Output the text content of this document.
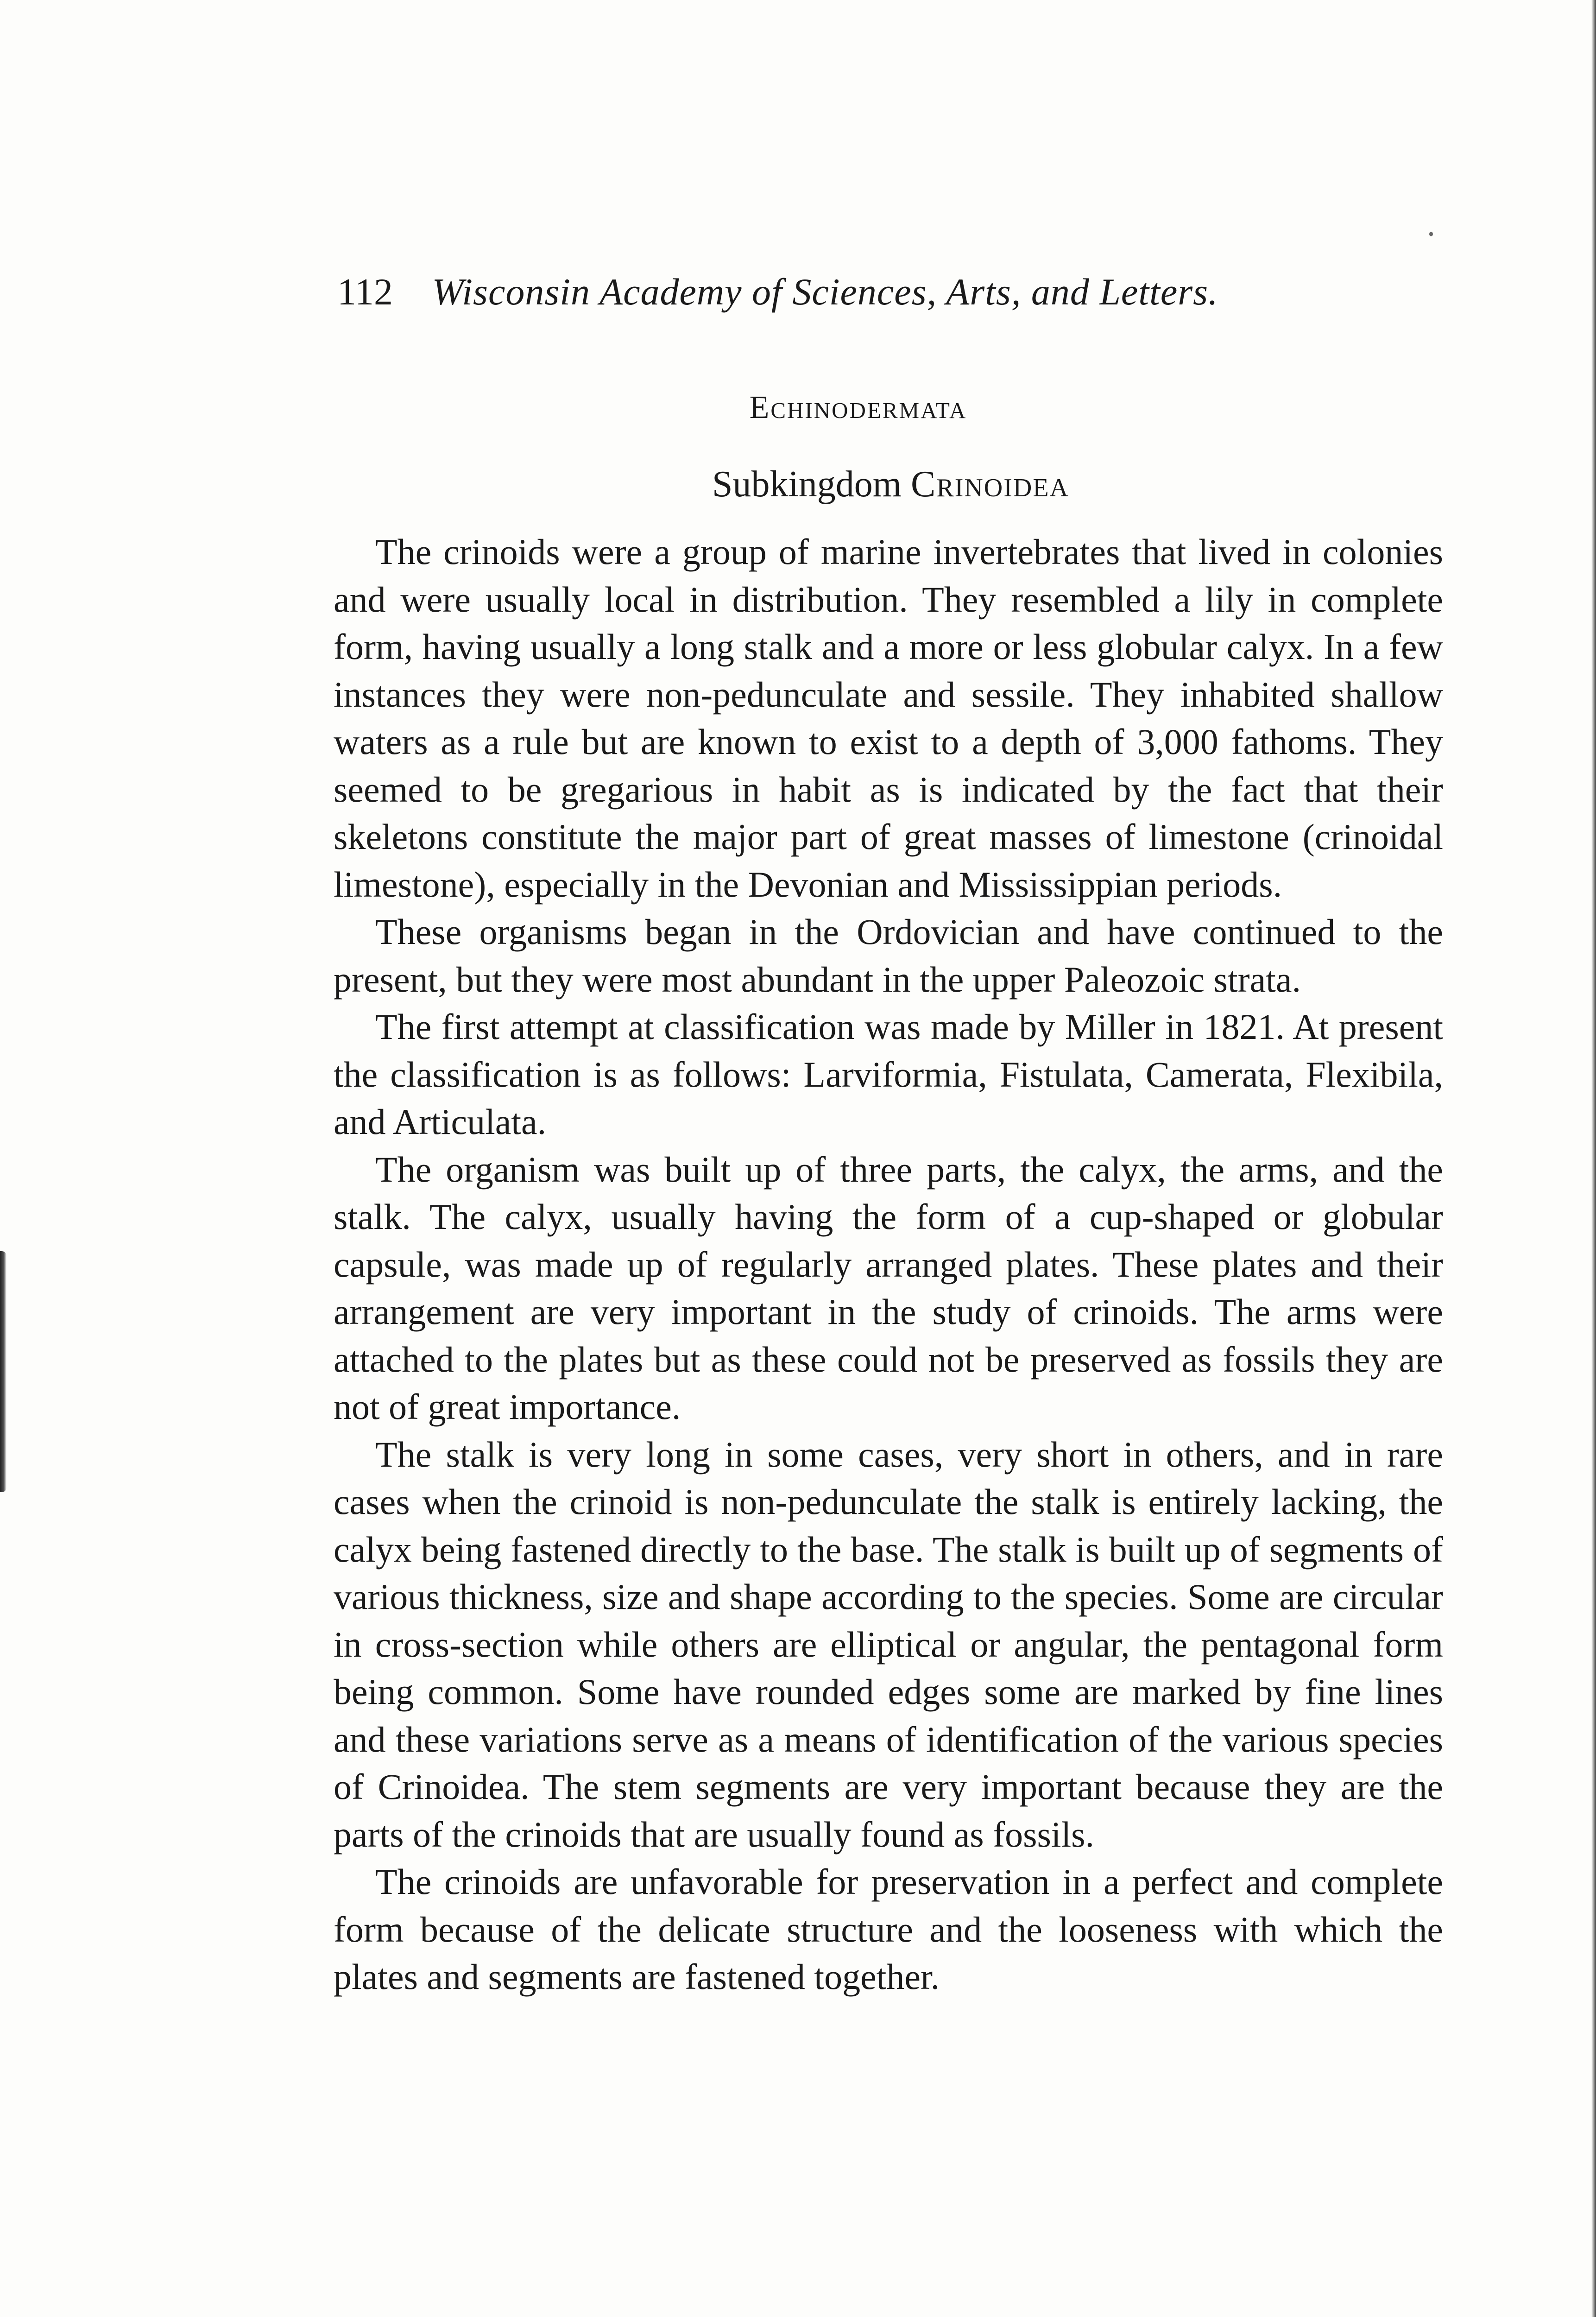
112 Wisconsin Academy of Sciences, Arts, and Letters.
Echinodermata
Subkingdom Crinoidea

The crinoids were a group of marine invertebrates that lived in colonies and were usually local in distribution. They resembled a lily in complete form, having usually a long stalk and a more or less globular calyx. In a few instances they were non-pedunculate and sessile. They inhabited shallow waters as a rule but are known to exist to a depth of 3,000 fathoms. They seemed to be gregarious in habit as is indicated by the fact that their skeletons constitute the major part of great masses of limestone (crinoidal limestone), especially in the Devonian and Mississippian periods.

These organisms began in the Ordovician and have continued to the present, but they were most abundant in the upper Paleozoic strata.

The first attempt at classification was made by Miller in 1821. At present the classification is as follows: Larviformia, Fistulata, Camerata, Flexibila, and Articulata.

The organism was built up of three parts, the calyx, the arms, and the stalk. The calyx, usually having the form of a cup-shaped or globular capsule, was made up of regularly arranged plates. These plates and their arrangement are very important in the study of crinoids. The arms were attached to the plates but as these could not be preserved as fossils they are not of great importance.

The stalk is very long in some cases, very short in others, and in rare cases when the crinoid is non-pedunculate the stalk is entirely lacking, the calyx being fastened directly to the base. The stalk is built up of segments of various thickness, size and shape according to the species. Some are circular in cross-section while others are elliptical or angular, the pentagonal form being common. Some have rounded edges some are marked by fine lines and these variations serve as a means of identification of the various species of Crinoidea. The stem segments are very important because they are the parts of the crinoids that are usually found as fossils.

The crinoids are unfavorable for preservation in a perfect and complete form because of the delicate structure and the looseness with which the plates and segments are fastened together.
